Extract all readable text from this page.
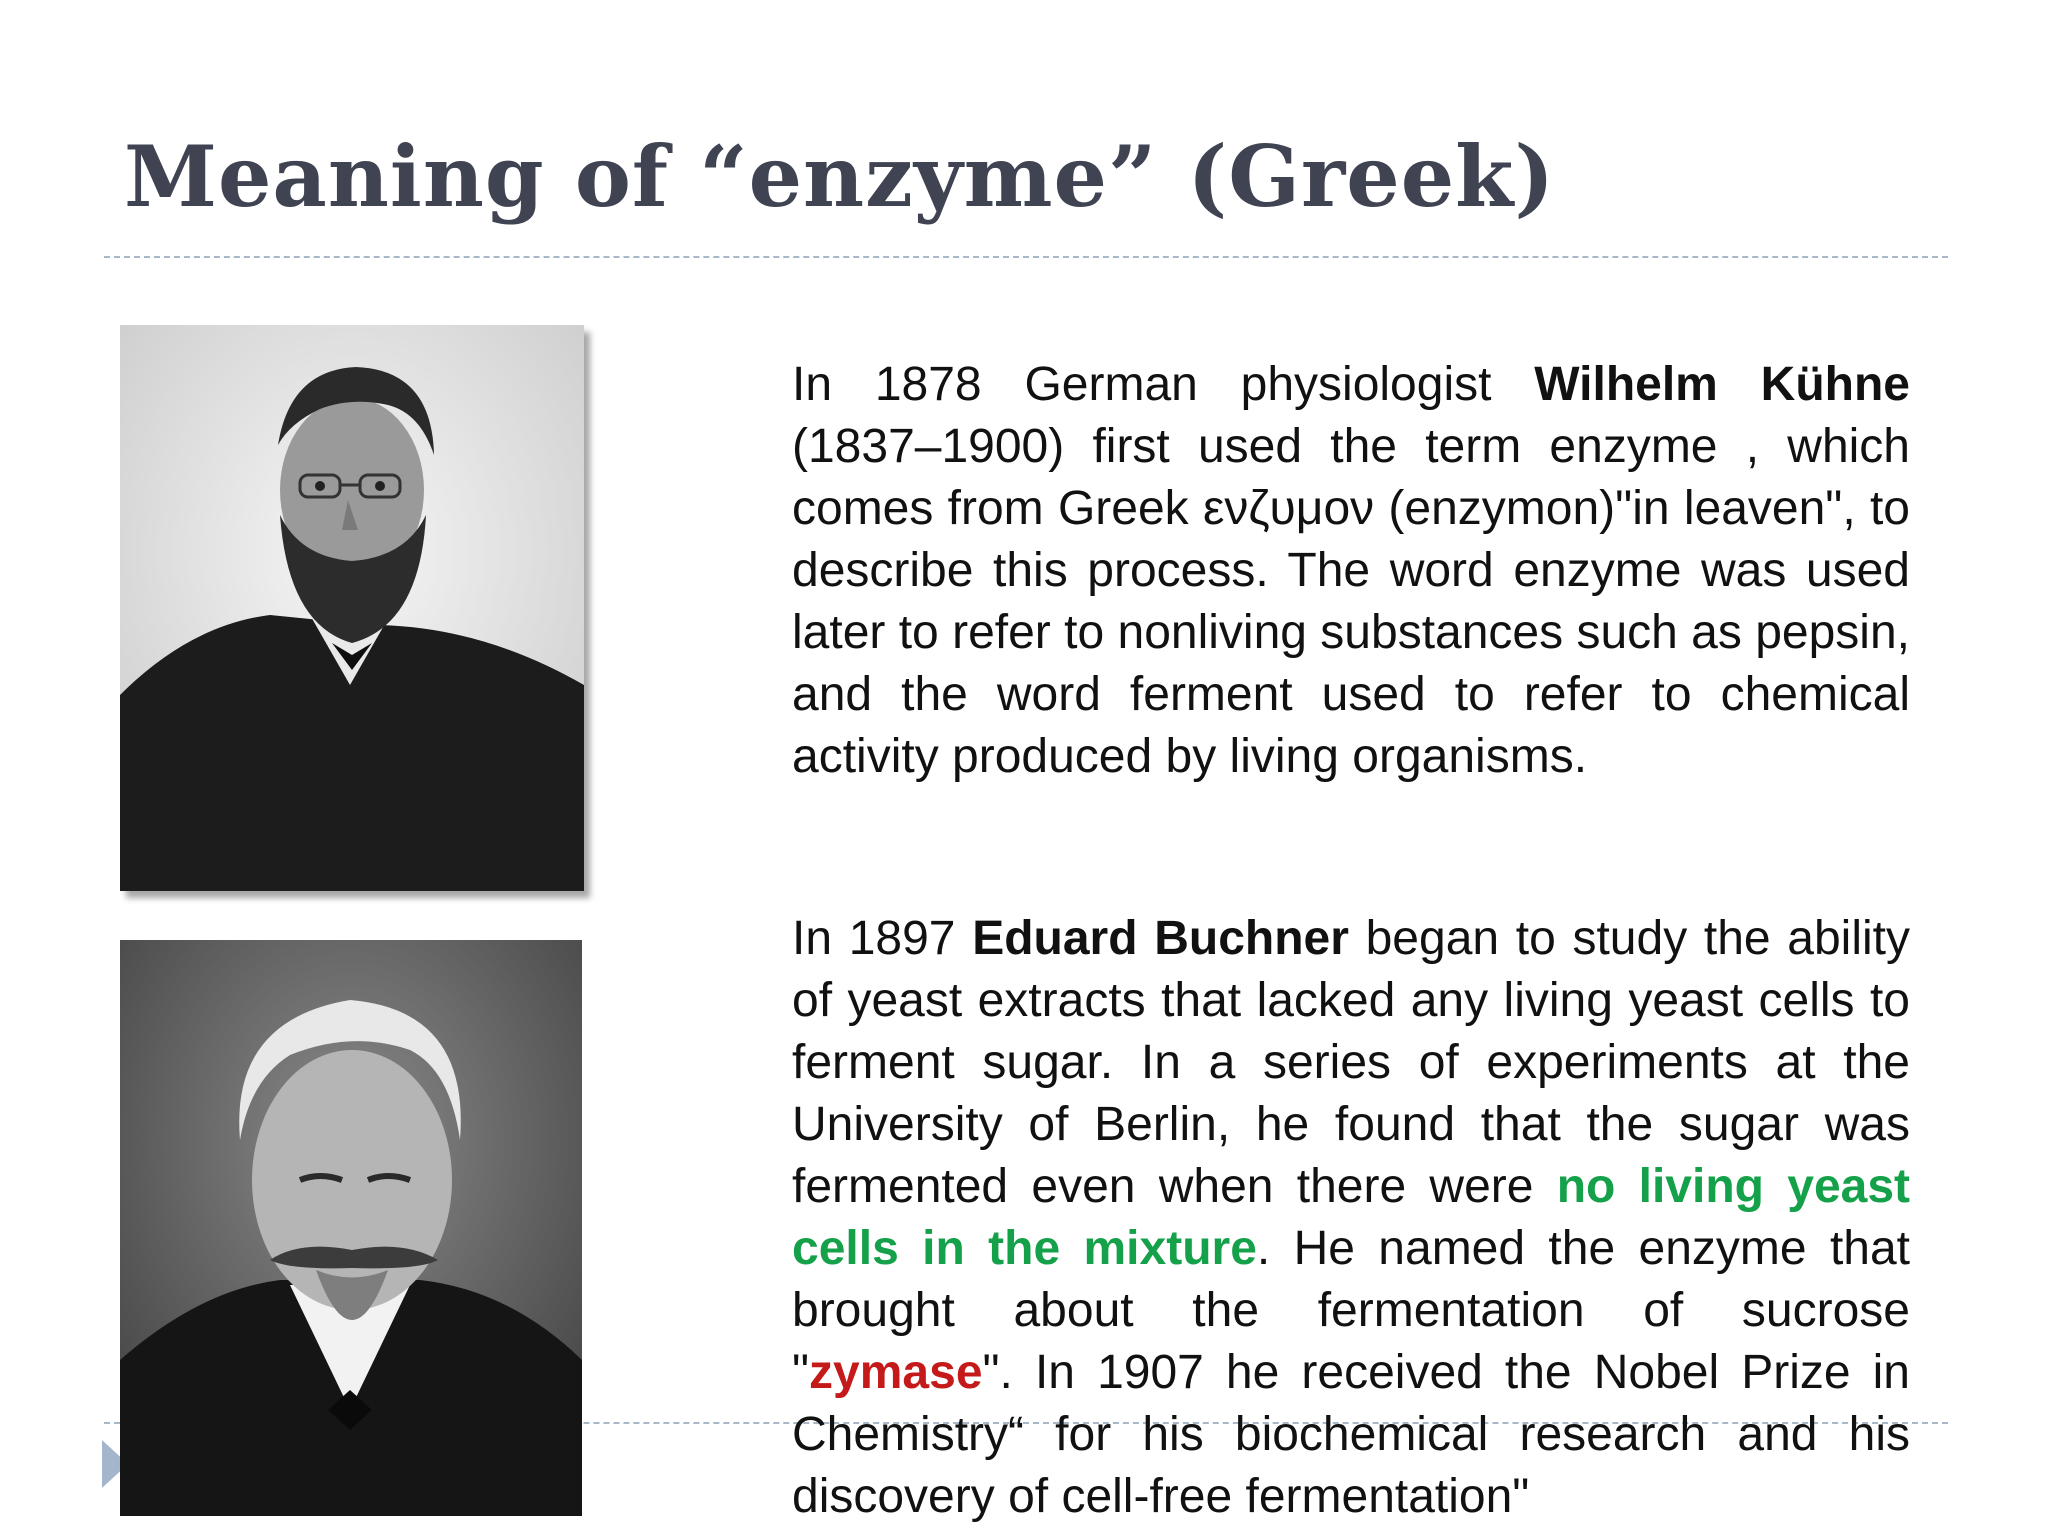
Meaning of “enzyme” (Greek)

In 1878 German physiologist Wilhelm Kühne (1837–1900) first used the term enzyme , which comes from Greek ενζυμον (enzymon)"in leaven", to describe this process. The word enzyme was used later to refer to nonliving substances such as pepsin, and the word ferment used to refer to chemical activity produced by living organisms.

In 1897 Eduard Buchner began to study the ability of yeast extracts that lacked any living yeast cells to ferment sugar. In a series of experiments at the University of Berlin, he found that the sugar was fermented even when there were no living yeast cells in the mixture. He named the enzyme that brought about the fermentation of sucrose "zymase". In 1907 he received the Nobel Prize in Chemistry“ for his biochemical research and his discovery of cell-free fermentation"
